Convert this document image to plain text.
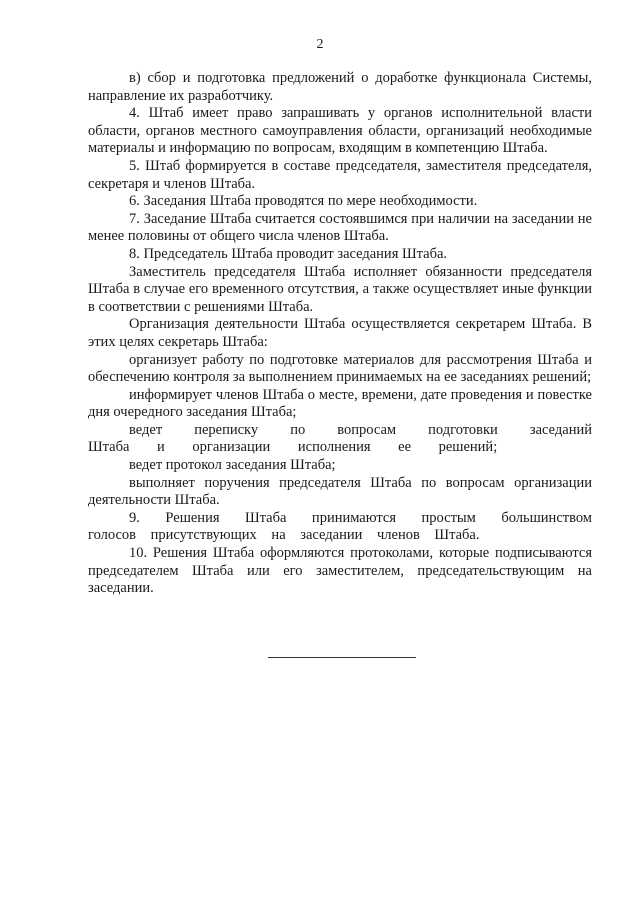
2

в) сбор и подготовка предложений о доработке функционала Системы, направление их разработчику.

4. Штаб имеет право запрашивать у органов исполнительной власти области, органов местного самоуправления области, организаций необходимые материалы и информацию по вопросам, входящим в компетенцию Штаба.

5. Штаб формируется в составе председателя, заместителя председателя, секретаря и членов Штаба.

6. Заседания Штаба проводятся по мере необходимости.

7. Заседание Штаба считается состоявшимся при наличии на заседании не менее половины от общего числа членов Штаба.

8. Председатель Штаба проводит заседания Штаба.

Заместитель председателя Штаба исполняет обязанности председателя Штаба в случае его временного отсутствия, а также осуществляет иные функции в соответствии с решениями Штаба.

Организация деятельности Штаба осуществляется секретарем Штаба. В этих целях секретарь Штаба:

организует работу по подготовке материалов для рассмотрения Штаба и обеспечению контроля за выполнением принимаемых на ее заседаниях решений;

информирует членов Штаба о месте, времени, дате проведения и повестке дня очередного заседания Штаба;

ведет переписку по вопросам подготовки заседаний Штаба и организации исполнения ее решений;

ведет протокол заседания Штаба;

выполняет поручения председателя Штаба по вопросам организации деятельности Штаба.

9. Решения Штаба принимаются простым большинством голосов присутствующих на заседании членов Штаба.

10. Решения Штаба оформляются протоколами, которые подписываются председателем Штаба или его заместителем, председательствующим на заседании.
